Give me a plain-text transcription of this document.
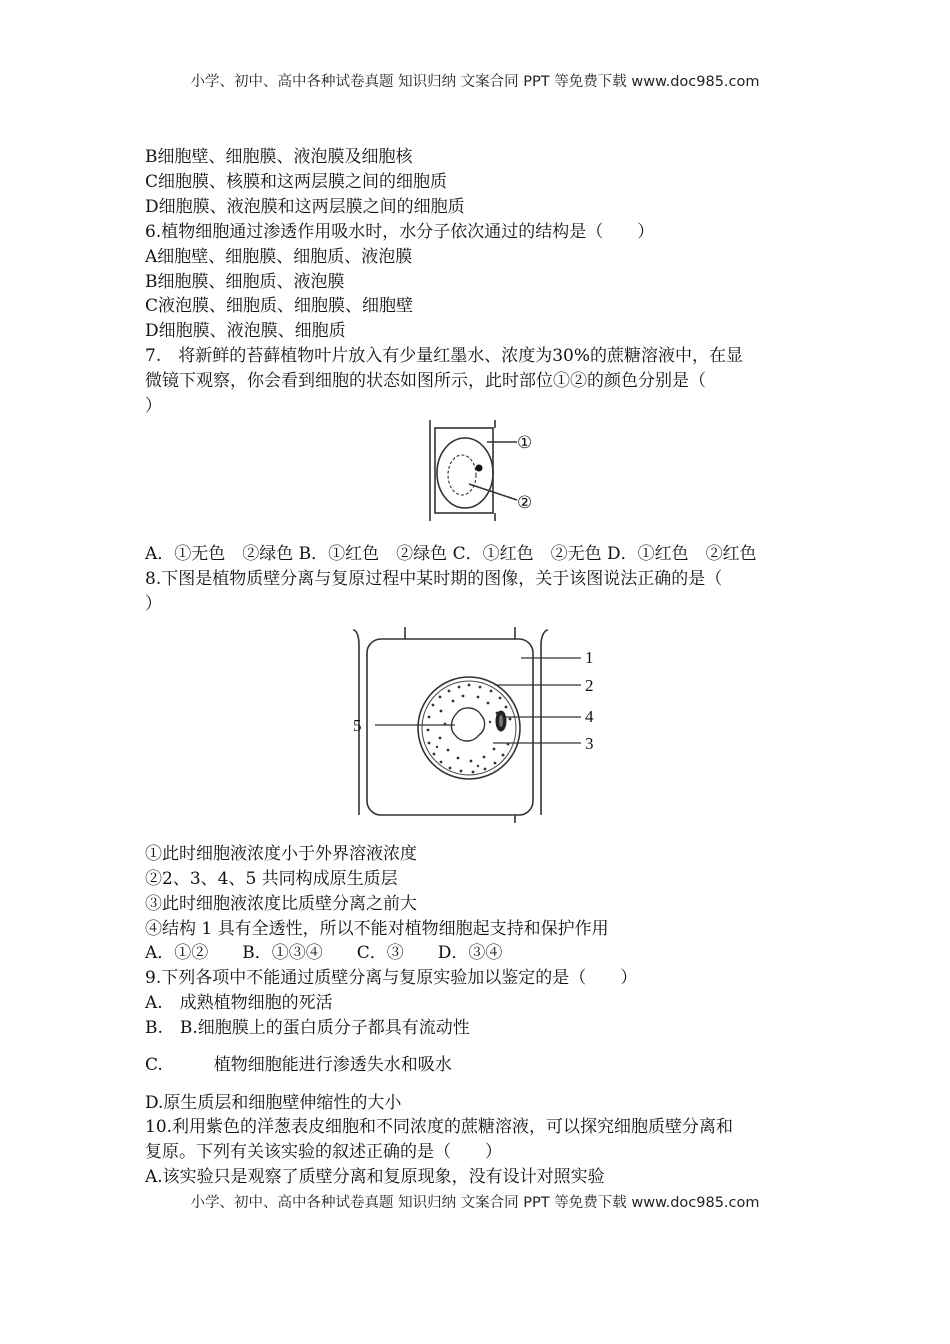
小学、初中、高中各种试卷真题 知识归纳 文案合同 PPT 等免费下载 www.doc985.com
B细胞壁、细胞膜、液泡膜及细胞核
C细胞膜、核膜和这两层膜之间的细胞质
D细胞膜、液泡膜和这两层膜之间的细胞质
6.植物细胞通过渗透作用吸水时，水分子依次通过的结构是（　　）
A细胞壁、细胞膜、细胞质、液泡膜
B细胞膜、细胞质、液泡膜
C液泡膜、细胞质、细胞膜、细胞壁
D细胞膜、液泡膜、细胞质
7.　将新鲜的苔藓植物叶片放入有少量红墨水、浓度为30%的蔗糖溶液中，在显
微镜下观察，你会看到细胞的状态如图所示，此时部位①②的颜色分别是（
）
①
②
A．①无色　②绿色 B．①红色　②绿色 C．①红色　②无色 D．①红色　②红色
8.下图是植物质壁分离与复原过程中某时期的图像，关于该图说法正确的是（
）
1
2
4
3
5
①此时细胞液浓度小于外界溶液浓度
②2、3、4、5 共同构成原生质层
③此时细胞液浓度比质壁分离之前大
④结构 1 具有全透性，所以不能对植物细胞起支持和保护作用
A．①②　　B．①③④　　C．③　　D．③④
9.下列各项中不能通过质壁分离与复原实验加以鉴定的是（　　）
A.　成熟植物细胞的死活
B.　B.细胞膜上的蛋白质分子都具有流动性
C.　　　植物细胞能进行渗透失水和吸水
D.原生质层和细胞壁伸缩性的大小
10.利用紫色的洋葱表皮细胞和不同浓度的蔗糖溶液，可以探究细胞质壁分离和
复原。下列有关该实验的叙述正确的是（　　）
A.该实验只是观察了质壁分离和复原现象，没有设计对照实验
小学、初中、高中各种试卷真题 知识归纳 文案合同 PPT 等免费下载 www.doc985.com
